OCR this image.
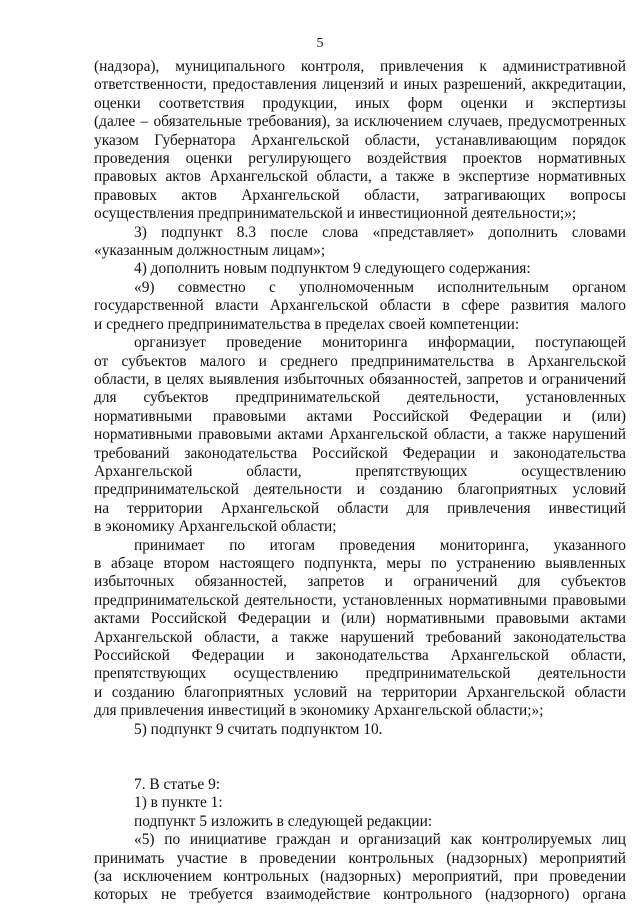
5

(надзора), муниципального контроля, привлечения к административной

ответственности, предоставления лицензий и иных разрешений, аккредитации,

оценки соответствия продукции, иных форм оценки и экспертизы

(далее – обязательные требования), за исключением случаев, предусмотренных

указом Губернатора Архангельской области, устанавливающим порядок

проведения оценки регулирующего воздействия проектов нормативных

правовых актов Архангельской области, а также в экспертизе нормативных

правовых актов Архангельской области, затрагивающих вопросы

осуществления предпринимательской и инвестиционной деятельности;»;

3) подпункт 8.3 после слова «представляет» дополнить словами

«указанным должностным лицам»;

4) дополнить новым подпунктом 9 следующего содержания:

«9) совместно с уполномоченным исполнительным органом

государственной власти Архангельской области в сфере развития малого

и среднего предпринимательства в пределах своей компетенции:

организует проведение мониторинга информации, поступающей

от субъектов малого и среднего предпринимательства в Архангельской

области, в целях выявления избыточных обязанностей, запретов и ограничений

для субъектов предпринимательской деятельности, установленных

нормативными правовыми актами Российской Федерации и (или)

нормативными правовыми актами Архангельской области, а также нарушений

требований законодательства Российской Федерации и законодательства

Архангельской области, препятствующих осуществлению

предпринимательской деятельности и созданию благоприятных условий

на территории Архангельской области для привлечения инвестиций

в экономику Архангельской области;

принимает по итогам проведения мониторинга, указанного

в абзаце втором настоящего подпункта, меры по устранению выявленных

избыточных обязанностей, запретов и ограничений для субъектов

предпринимательской деятельности, установленных нормативными правовыми

актами Российской Федерации и (или) нормативными правовыми актами

Архангельской области, а также нарушений требований законодательства

Российской Федерации и законодательства Архангельской области,

препятствующих осуществлению предпринимательской деятельности

и созданию благоприятных условий на территории Архангельской области

для привлечения инвестиций в экономику Архангельской области;»;

5) подпункт 9 считать подпунктом 10.

7. В статье 9:

1) в пункте 1:

подпункт 5 изложить в следующей редакции:

«5) по инициативе граждан и организаций как контролируемых лиц

принимать участие в проведении контрольных (надзорных) мероприятий

(за исключением контрольных (надзорных) мероприятий, при проведении

которых не требуется взаимодействие контрольного (надзорного) органа
